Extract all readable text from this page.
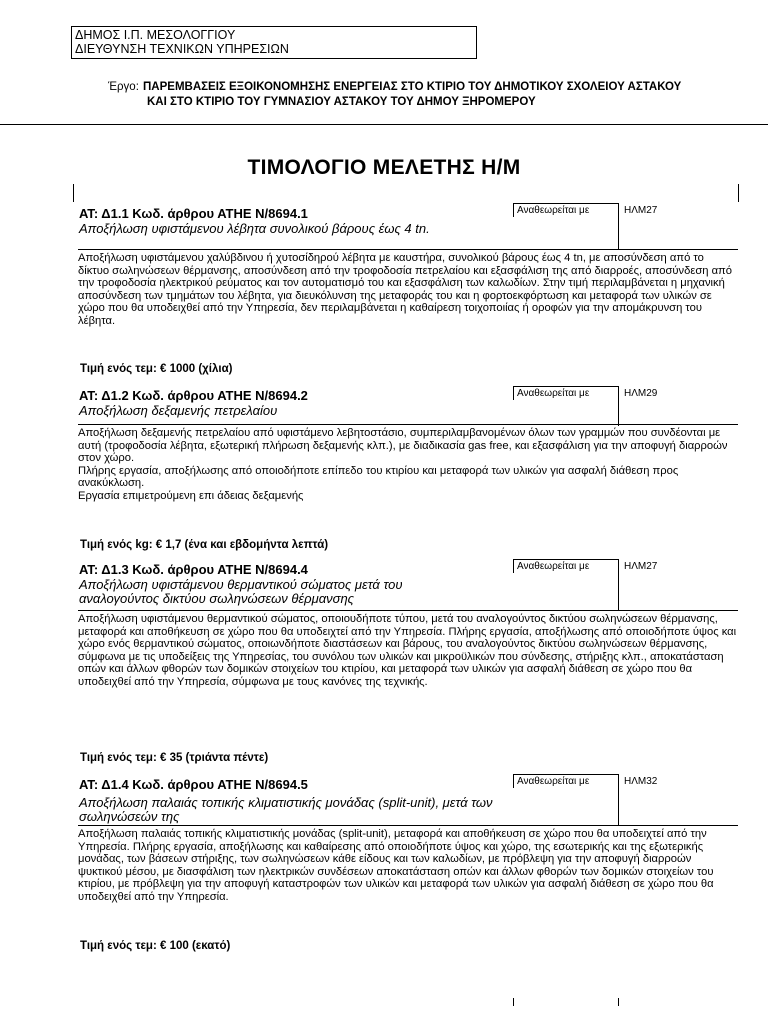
ΔΗΜΟΣ Ι.Π. ΜΕΣΟΛΟΓΓΙΟΥ
ΔΙΕΥΘΥΝΣΗ ΤΕΧΝΙΚΩΝ ΥΠΗΡΕΣΙΩΝ
Έργο: ΠΑΡΕΜΒΑΣΕΙΣ ΕΞΟΙΚΟΝΟΜΗΣΗΣ ΕΝΕΡΓΕΙΑΣ ΣΤΟ ΚΤΙΡΙΟ ΤΟΥ ΔΗΜΟΤΙΚΟΥ ΣΧΟΛΕΙΟΥ ΑΣΤΑΚΟΥ
ΚΑΙ ΣΤΟ ΚΤΙΡΙΟ ΤΟΥ ΓΥΜΝΑΣΙΟΥ ΑΣΤΑΚΟΥ ΤΟΥ ΔΗΜΟΥ ΞΗΡΟΜΕΡΟΥ
ΤΙΜΟΛΟΓΙΟ ΜΕΛΕΤΗΣ Η/Μ
ΑΤ: Δ1.1 Κωδ. άρθρου ΑΤΗΕ Ν/8694.1
Αποξήλωση υφιστάμενου λέβητα συνολικού βάρους έως 4 tn.
Αναθεωρείται με	ΗΛΜ27
Αποξήλωση υφιστάμενου χαλύβδινου ή χυτοσίδηρού λέβητα με καυστήρα, συνολικού βάρους έως 4 tn, με αποσύνδεση από το δίκτυο σωληνώσεων θέρμανσης, αποσύνδεση από την τροφοδοσία πετρελαίου και εξασφάλιση της από διαρροές, αποσύνδεση από την τροφοδοσία ηλεκτρικού ρεύματος και τον αυτοματισμό του και εξασφάλιση των καλωδίων. Στην τιμή περιλαμβάνεται η μηχανική αποσύνδεση των τμημάτων του λέβητα, για διευκόλυνση της μεταφοράς του και η φορτοεκφόρτωση και μεταφορά των υλικών σε χώρο που θα υποδειχθεί από την Υπηρεσία, δεν περιλαμβάνεται η καθαίρεση τοιχοποιίας ή οροφών για την απομάκρυνση του λέβητα.
Τιμή ενός τεμ: € 1000 (χίλια)
ΑΤ: Δ1.2 Κωδ. άρθρου ΑΤΗΕ Ν/8694.2
Αποξήλωση δεξαμενής πετρελαίου
Αναθεωρείται με	ΗΛΜ29
Αποξήλωση δεξαμενής πετρελαίου από υφιστάμενο λεβητοστάσιο, συμπεριλαμβανομένων όλων των γραμμών που συνδέονται με αυτή (τροφοδοσία λέβητα, εξωτερική πλήρωση δεξαμενής κλπ.), με διαδικασία gas free, και εξασφάλιση για την αποφυγή διαρροών στον χώρο.
Πλήρης εργασία, αποξήλωσης από οποιοδήποτε επίπεδο του κτιρίου και μεταφορά των υλικών για ασφαλή διάθεση προς ανακύκλωση.
Εργασία επιμετρούμενη επι άδειας δεξαμενής
Τιμή ενός kg: € 1,7 (ένα και εβδομήντα λεπτά)
ΑΤ: Δ1.3 Κωδ. άρθρου ΑΤΗΕ Ν/8694.4
Αποξήλωση υφιστάμενου θερμαντικού σώματος μετά του αναλογούντος δικτύου σωληνώσεων θέρμανσης
Αναθεωρείται με	ΗΛΜ27
Αποξήλωση υφιστάμενου θερμαντικού σώματος, οποιουδήποτε τύπου, μετά του αναλογούντος δικτύου σωληνώσεων θέρμανσης, μεταφορά και αποθήκευση σε χώρο που θα υποδειχτεί από την Υπηρεσία. Πλήρης εργασία, αποξήλωσης από οποιοδήποτε ύψος και χώρο ενός θερμαντικού σώματος, οποιωνδήποτε διαστάσεων και βάρους, του αναλογούντος δικτύου σωληνώσεων θέρμανσης, σύμφωνα με τις υποδείξεις της Υπηρεσίας, του συνόλου των υλικών και μικροϋλικών που σύνδεσης, στήριξης κλπ., αποκατάσταση οπών και άλλων φθορών των δομικών στοιχείων του κτιρίου, και μεταφορά των υλικών για ασφαλή διάθεση σε χώρο που θα υποδειχθεί από την Υπηρεσία, σύμφωνα με τους κανόνες της τεχνικής.
Τιμή ενός τεμ: € 35 (τριάντα πέντε)
ΑΤ: Δ1.4 Κωδ. άρθρου ΑΤΗΕ Ν/8694.5
Αποξήλωση παλαιάς τοπικής κλιματιστικής μονάδας (split-unit), μετά των σωληνώσεών της
Αναθεωρείται με	ΗΛΜ32
Αποξήλωση παλαιάς τοπικής κλιματιστικής μονάδας (split-unit), μεταφορά και αποθήκευση σε χώρο που θα υποδειχτεί από την Υπηρεσία. Πλήρης εργασία, αποξήλωσης και καθαίρεσης από οποιοδήποτε ύψος και χώρο, της εσωτερικής και της εξωτερικής μονάδας, των βάσεων στήριξης, των σωληνώσεων κάθε είδους και των καλωδίων, με πρόβλεψη για την αποφυγή διαρροών ψυκτικού μέσου, με διασφάλιση των ηλεκτρικών συνδέσεων αποκατάσταση οπών και άλλων φθορών των δομικών στοιχείων του κτιρίου, με πρόβλεψη για την αποφυγή καταστροφών των υλικών και μεταφορά των υλικών για ασφαλή διάθεση σε χώρο που θα υποδειχθεί από την Υπηρεσία.
Τιμή ενός τεμ: € 100 (εκατό)
